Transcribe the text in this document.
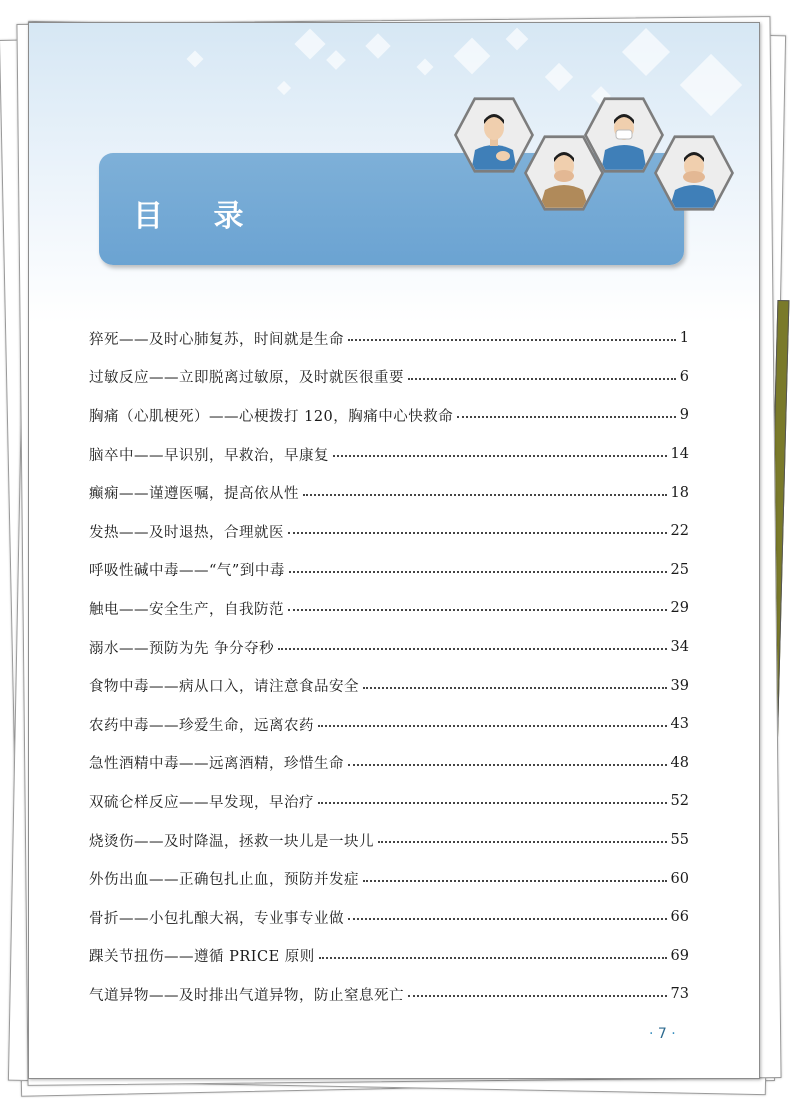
目 录
猝死——及时心肺复苏，时间就是生命	1
过敏反应——立即脱离过敏原，及时就医很重要	6
胸痛（心肌梗死）——心梗拨打 120，胸痛中心快救命	9
脑卒中——早识别，早救治，早康复	14
癫痫——谨遵医嘱，提高依从性	18
发热——及时退热，合理就医	22
呼吸性碱中毒——“气”到中毒	25
触电——安全生产，自我防范	29
溺水——预防为先 争分夺秒	34
食物中毒——病从口入，请注意食品安全	39
农药中毒——珍爱生命，远离农药	43
急性酒精中毒——远离酒精，珍惜生命	48
双硫仑样反应——早发现，早治疗	52
烧烫伤——及时降温，拯救一块儿是一块儿	55
外伤出血——正确包扎止血，预防并发症	60
骨折——小包扎酿大祸，专业事专业做	66
踝关节扭伤——遵循 PRICE 原则	69
气道异物——及时排出气道异物，防止窒息死亡	73
· 7 ·
